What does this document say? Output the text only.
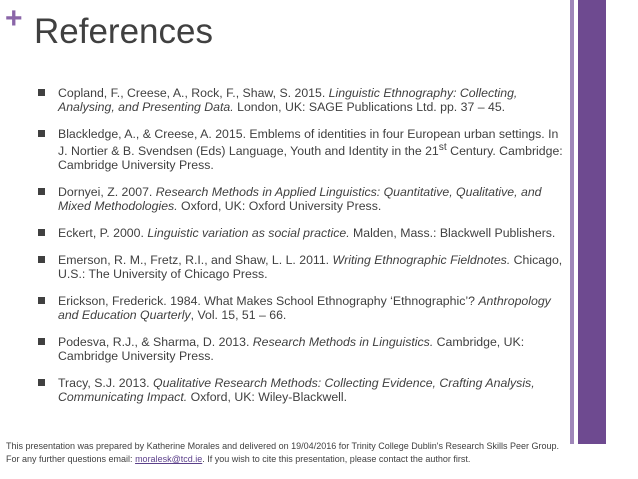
+ References
Copland, F., Creese, A., Rock, F., Shaw, S. 2015. Linguistic Ethnography: Collecting, Analysing, and Presenting Data. London, UK: SAGE Publications Ltd. pp. 37 – 45.
Blackledge, A., & Creese, A. 2015. Emblems of identities in four European urban settings. In J. Nortier & B. Svendsen (Eds) Language, Youth and Identity in the 21st Century. Cambridge: Cambridge University Press.
Dornyei, Z. 2007. Research Methods in Applied Linguistics: Quantitative, Qualitative, and Mixed Methodologies. Oxford, UK: Oxford University Press.
Eckert, P. 2000. Linguistic variation as social practice. Malden, Mass.: Blackwell Publishers.
Emerson, R. M., Fretz, R.I., and Shaw, L. L. 2011. Writing Ethnographic Fieldnotes. Chicago, U.S.: The University of Chicago Press.
Erickson, Frederick. 1984. What Makes School Ethnography ‘Ethnographic’? Anthropology and Education Quarterly, Vol. 15, 51 – 66.
Podesva, R.J., & Sharma, D. 2013. Research Methods in Linguistics. Cambridge, UK: Cambridge University Press.
Tracy, S.J. 2013. Qualitative Research Methods: Collecting Evidence, Crafting Analysis, Communicating Impact. Oxford, UK: Wiley-Blackwell.
This presentation was prepared by Katherine Morales and delivered on 19/04/2016 for Trinity College Dublin's Research Skills Peer Group.
For any further questions email: moralesk@tcd.ie. If you wish to cite this presentation, please contact the author first.
